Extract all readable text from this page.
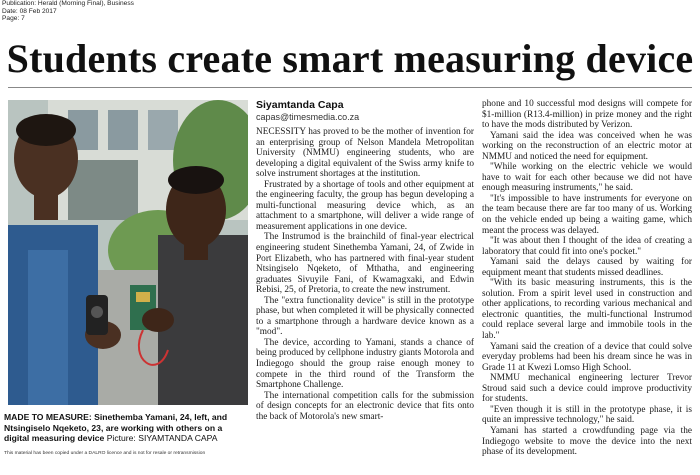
Publication: Herald (Morning Final), Business
Date: 08 Feb 2017
Page: 7
Students create smart measuring device
MADE TO MEASURE: Sinethemba Yamani, 24, left, and Ntsingiselo Nqeketo, 23, are working with others on a digital measuring device Picture: SIYAMTANDA CAPA
This material has been copied under a DALRO licence and is not for resale or retransmission
Siyamtanda Capa
capas@timesmedia.co.za

NECESSITY has proved to be the mother of invention for an enterprising group of Nelson Mandela Metropolitan University (NMMU) engineering students, who are developing a digital equivalent of the Swiss army knife to solve instrument shortages at the institution.

Frustrated by a shortage of tools and other equipment at the engineering faculty, the group has begun developing a multi-functional measuring device which, as an attachment to a smartphone, will deliver a wide range of measurement applications in one device.

The Instrumod is the brainchild of final-year electrical engineering student Sinethemba Yamani, 24, of Zwide in Port Elizabeth, who has partnered with final-year student Ntsingiselo Nqeketo, of Mthatha, and engineering graduates Sivuyile Fani, of Kwamagxaki, and Edwin Rebisi, 25, of Pretoria, to create the new instrument.

The "extra functionality device" is still in the prototype phase, but when completed it will be physically connected to a smartphone through a hardware device known as a "mod".

The device, according to Yamani, stands a chance of being produced by cellphone industry giants Motorola and Indiegogo should the group raise enough money to compete in the third round of the Transform the Smartphone Challenge.

The international competition calls for the submission of design concepts for an electronic device that fits onto the back of Motorola's new smart-

phone and 10 successful mod designs will compete for $1-million (R13.4-million) in prize money and the right to have the mods distributed by Verizon.

Yamani said the idea was conceived when he was working on the reconstruction of an electric motor at NMMU and noticed the need for equipment.

"While working on the electric vehicle we would have to wait for each other because we did not have enough measuring instruments," he said.

"It's impossible to have instruments for everyone on the team because there are far too many of us. Working on the vehicle ended up being a waiting game, which meant the process was delayed.

"It was about then I thought of the idea of creating a laboratory that could fit into one's pocket."

Yamani said the delays caused by waiting for equipment meant that students missed deadlines.

"With its basic measuring instruments, this is the solution. From a spirit level used in construction and other applications, to recording various mechanical and electronic quantities, the multi-functional Instrumod could replace several large and immobile tools in the lab."

Yamani said the creation of a device that could solve everyday problems had been his dream since he was in Grade 11 at Kwezi Lomso High School.

NMMU mechanical engineering lecturer Trevor Stroud said such a device could improve productivity for students.

"Even though it is still in the prototype phase, it is quite an impressive technology," he said.

Yamani has started a crowdfunding page via the Indiegogo website to move the device into the next phase of its development.
